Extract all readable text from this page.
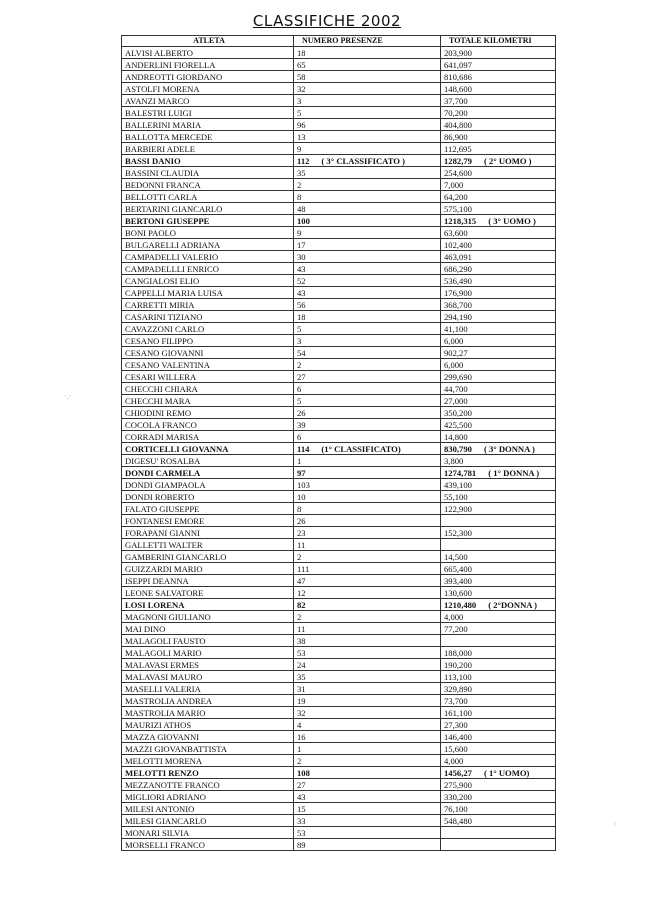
CLASSIFICHE 2002
ATLETA	NUMERO PRESENZE	TOTALE KILOMETRI
ALVISI ALBERTO	18	203,900
ANDERLINI FIORELLA	65	641,097
ANDREOTTI GIORDANO	58	810,686
ASTOLFI MORENA	32	148,600
AVANZI MARCO	3	37,700
BALESTRI LUIGI	5	70,200
BALLERINI MARIA	96	404,800
BALLOTTA MERCEDE	13	86,900
BARBIERI ADELE	9	112,695
BASSI DANIO	112 ( 3° CLASSIFICATO )	1282,79 ( 2° UOMO )
BASSINI CLAUDIA	35	254,600
BEDONNI FRANCA	2	7,000
BELLOTTI CARLA	8	64,200
BERTARINI GIANCARLO	48	575,100
BERTONI GIUSEPPE	100	1218,315 ( 3° UOMO )
BONI PAOLO	9	63,600
BULGARELLI ADRIANA	17	102,400
CAMPADELLI VALERIO	30	463,091
CAMPADELLLI ENRICO	43	686,290
CANGIALOSI ELIO	52	536,490
CAPPELLI MARIA LUISA	43	176,900
CARRETTI MIRIA	56	368,700
CASARINI TIZIANO	18	294,190
CAVAZZONI CARLO	5	41,100
CESANO FILIPPO	3	6,000
CESANO GIOVANNI	54	902,27
CESANO VALENTINA	2	6,000
CESARI WILLERA	27	299,690
CHECCHI CHIARA	6	44,700
CHECCHI MARA	5	27,000
CHIODINI REMO	26	350,200
COCOLA FRANCO	39	425,500
CORRADI MARISA	6	14,800
CORTICELLI GIOVANNA	114 (1° CLASSIFICATO)	830,790 ( 3° DONNA )
DIGESU' ROSALBA	1	3,800
DONDI CARMELA	97	1274,781 ( 1° DONNA )
DONDI GIAMPAOLA	103	439,100
DONDI ROBERTO	10	55,100
FALATO GIUSEPPE	8	122,900
FONTANESI EMORE	26	
FORAPANI GIANNI	23	152,300
GALLETTI WALTER	11	
GAMBERINI GIANCARLO	2	14,500
GUIZZARDI MARIO	111	665,400
ISEPPI DEANNA	47	393,400
LEONE SALVATORE	12	130,600
LOSI LORENA	82	1210,480 ( 2°DONNA )
MAGNONI GIULIANO	2	4,000
MAI DINO	11	77,200
MALAGOLI FAUSTO	38	
MALAGOLI MARIO	53	188,000
MALAVASI ERMES	24	190,200
MALAVASI MAURO	35	113,100
MASELLI VALERIA	31	329,890
MASTROLIA ANDREA	19	73,700
MASTROLIA MARIO	32	161,100
MAURIZI ATHOS	4	27,300
MAZZA GIOVANNI	16	146,400
MAZZI GIOVANBATTISTA	1	15,600
MELOTTI MORENA	2	4,000
MELOTTI RENZO	108	1456,27 ( 1° UOMO)
MEZZANOTTE FRANCO	27	275,900
MIGLIORI ADRIANO	43	330,200
MILESI ANTONIO	15	76,100
MILESI GIANCARLO	33	548,480
MONARI SILVIA	53	
MORSELLI FRANCO	89	
·.·
⁖
